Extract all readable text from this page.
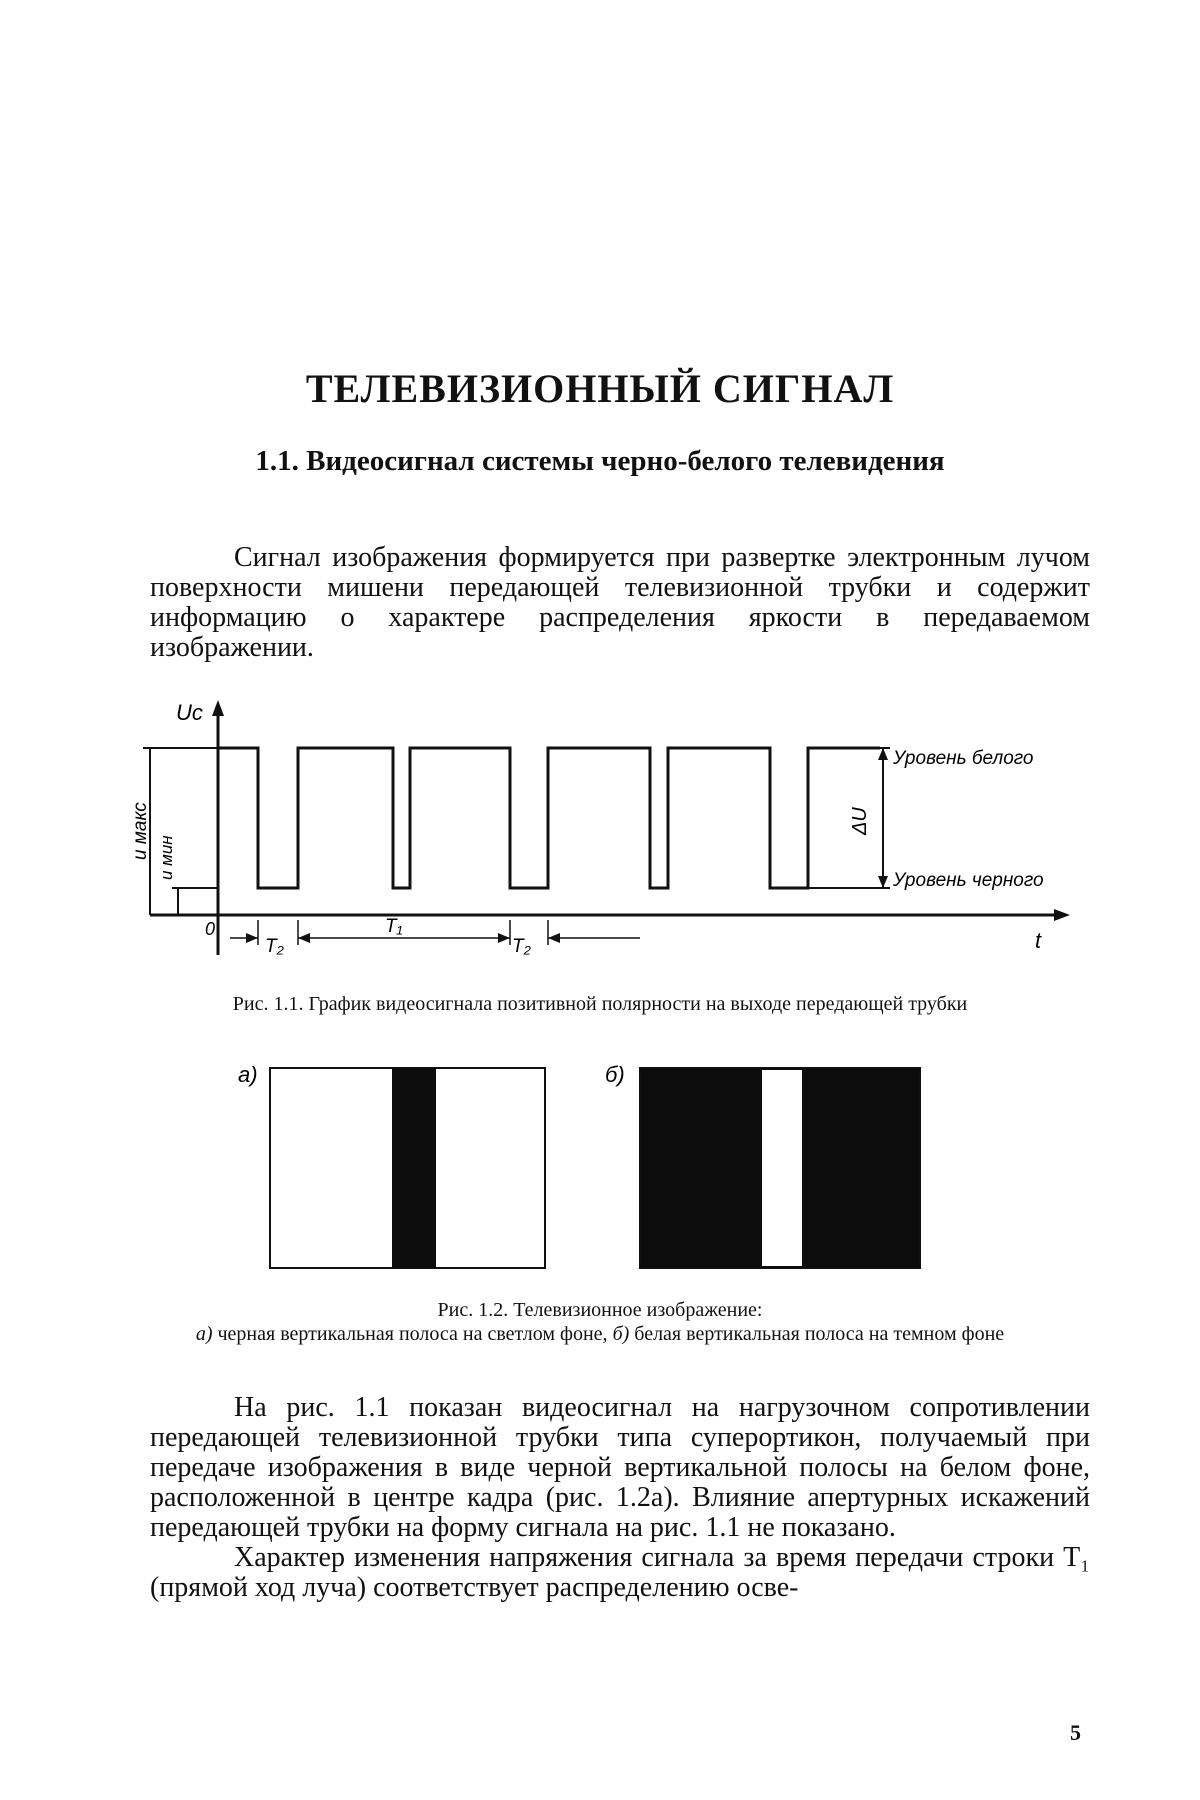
ТЕЛЕВИЗИОННЫЙ СИГНАЛ
1.1. Видеосигнал системы черно-белого телевидения

Сигнал изображения формируется при развертке электронным лучом поверхности мишени передающей телевизионной трубки и содержит информацию о характере распределения яркости в передаваемом изображении.

Uc
t
0
u макс u мин
ΔU
Уровень белого
Уровень черного
T₂
T₁
T₂

Рис. 1.1. График видеосигнала позитивной полярности на выходе передающей трубки

а)	б)

Рис. 1.2. Телевизионное изображение:
а) черная вертикальная полоса на светлом фоне, б) белая вертикальная полоса на темном фоне

На рис. 1.1 показан видеосигнал на нагрузочном сопротивлении передающей телевизионной трубки типа суперортикон, получаемый при передаче изображения в виде черной вертикальной полосы на белом фоне, расположенной в центре кадра (рис. 1.2а). Влияние апертурных искажений передающей трубки на форму сигнала на рис. 1.1 не показано.

Характер изменения напряжения сигнала за время передачи строки T₁ (прямой ход луча) соответствует распределению осве-

5
